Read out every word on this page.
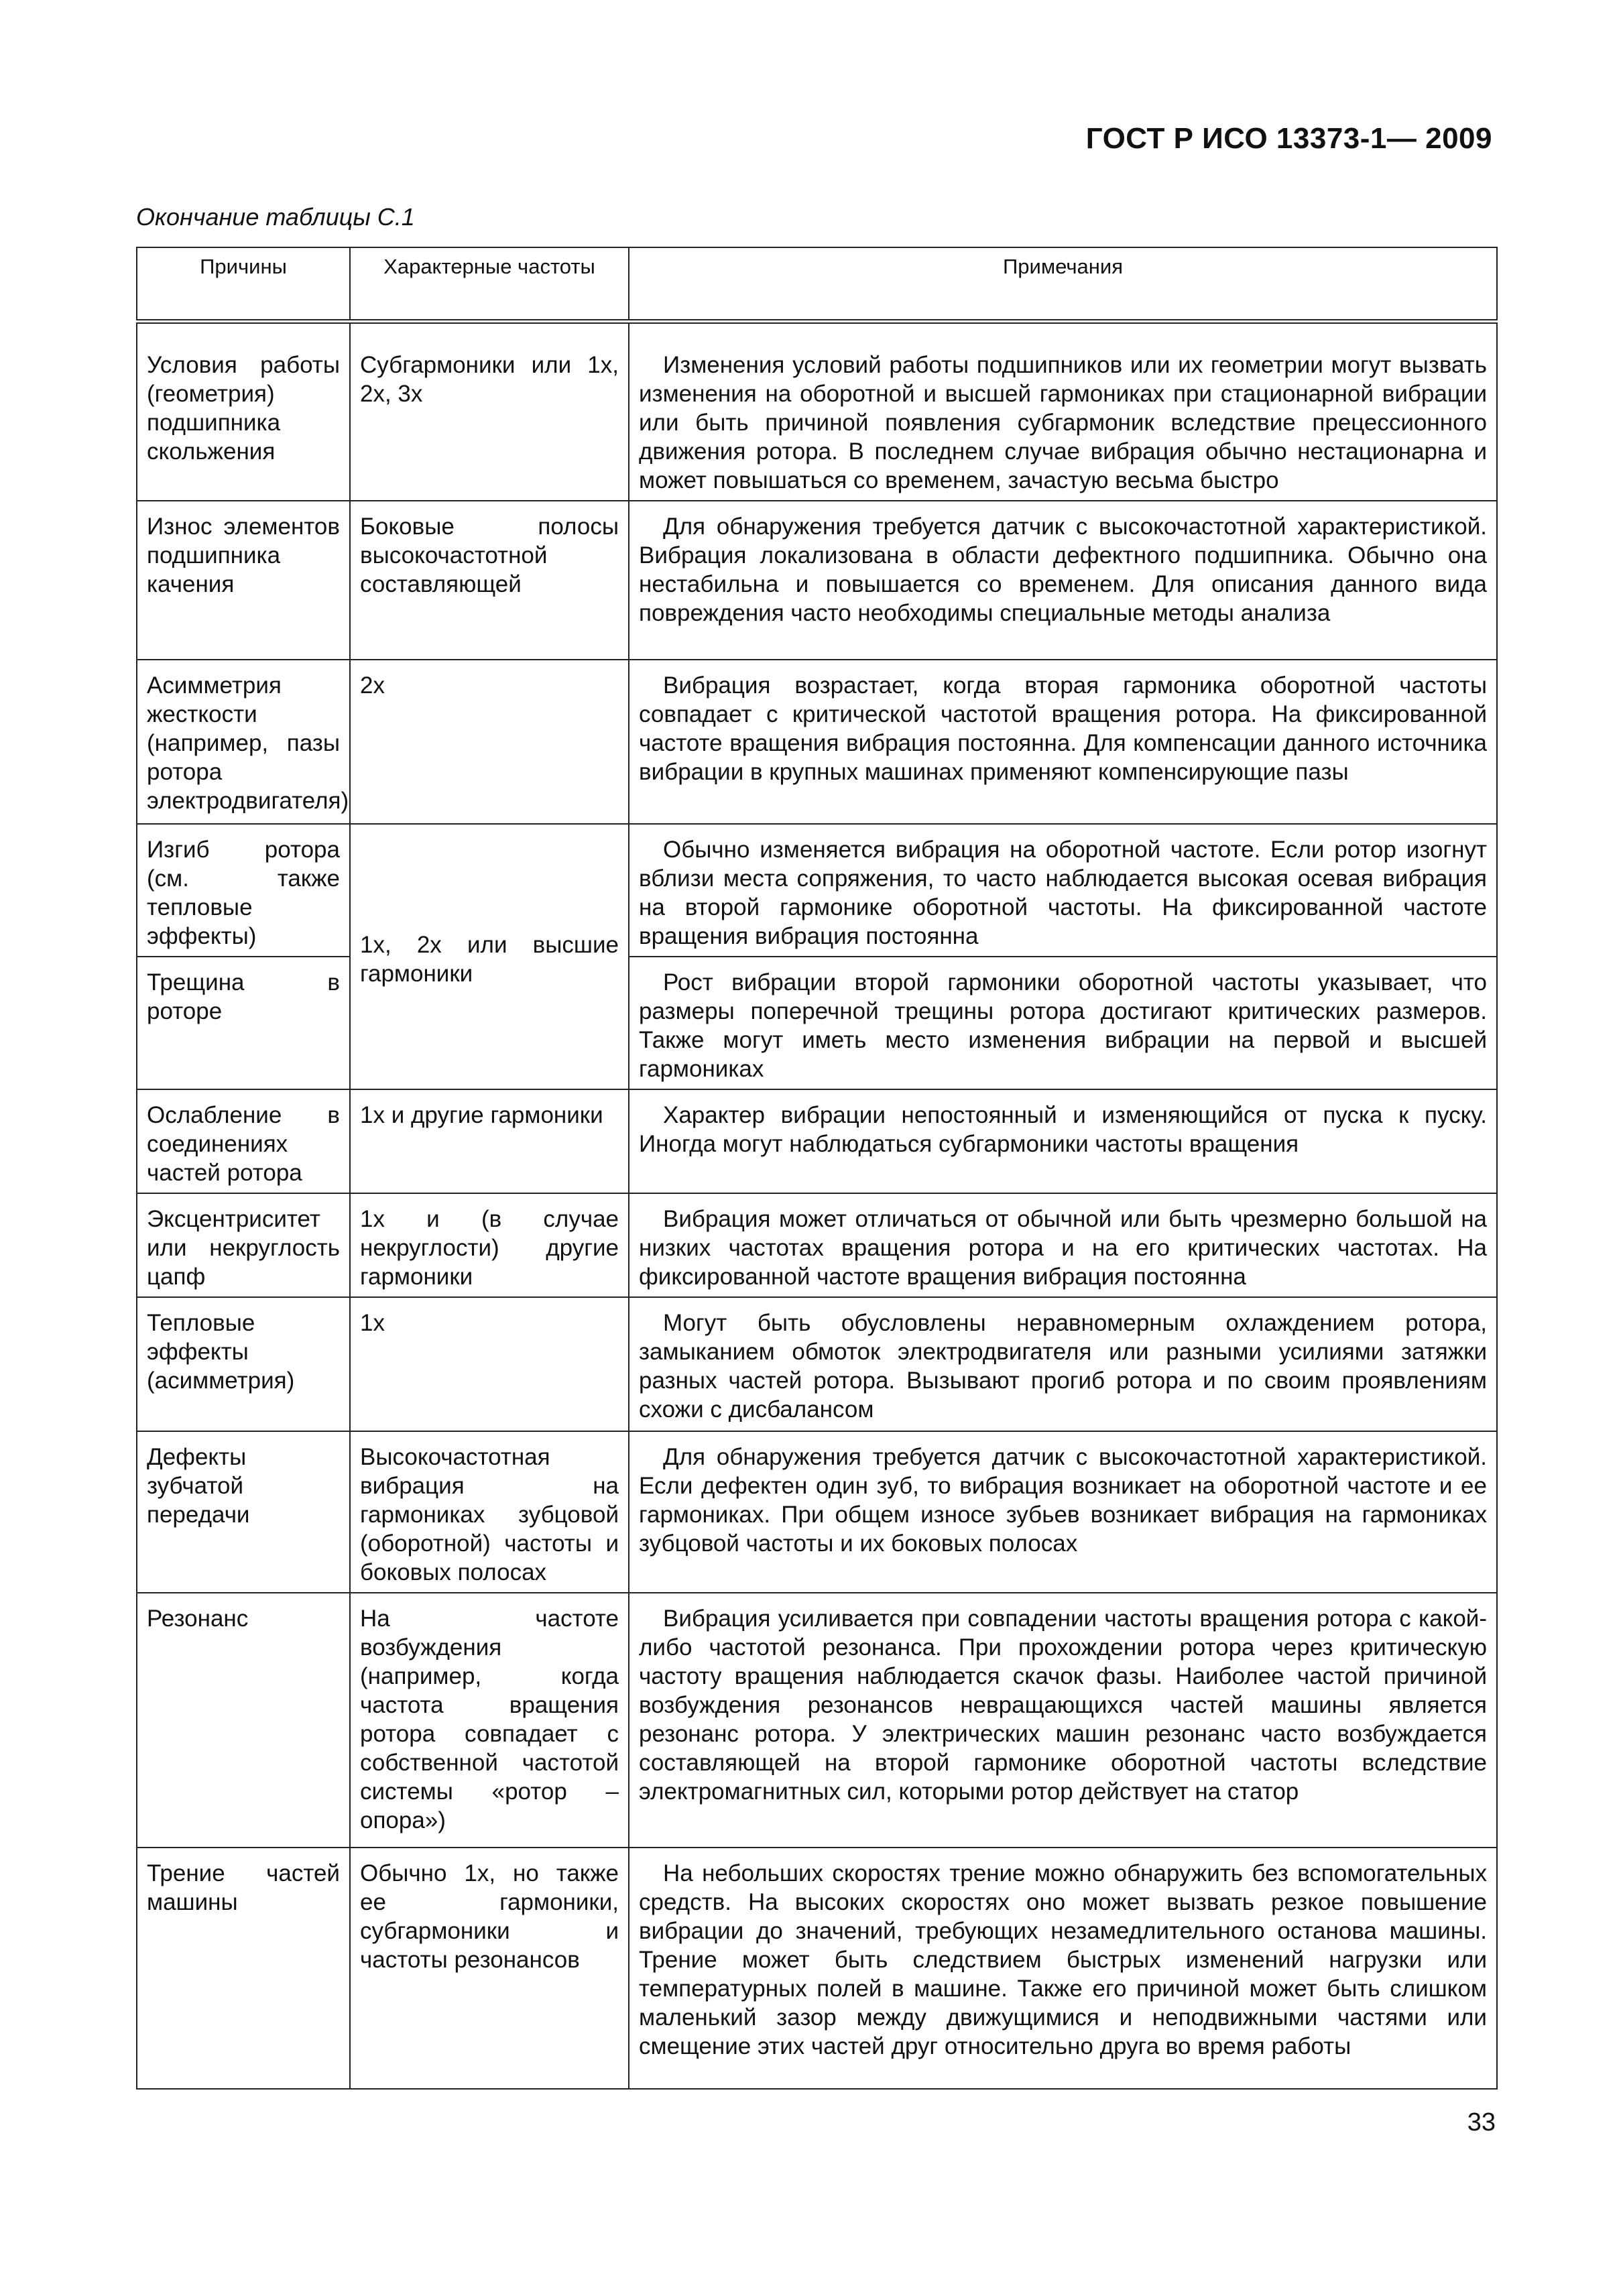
ГОСТ Р ИСО 13373-1— 2009
Окончание таблицы С.1
Причины	Характерные частоты	Примечания
Условия работы (геометрия) подшипника скольжения	Субгармоники или 1x, 2x, 3x	Изменения условий работы подшипников или их геометрии могут вызвать изменения на оборотной и высшей гармониках при стационарной вибрации или быть причиной появления субгармоник вследствие прецессионного движения ротора. В последнем случае вибрация обычно нестационарна и может повышаться со временем, зачастую весьма быстро
Износ элементов подшипника качения	Боковые полосы высокочастотной составляющей	Для обнаружения требуется датчик с высокочастотной характеристикой. Вибрация локализована в области дефектного подшипника. Обычно она нестабильна и повышается со временем. Для описания данного вида повреждения часто необходимы специальные методы анализа
Асимметрия жесткости (например, пазы ротора электродвигателя)	2x	Вибрация возрастает, когда вторая гармоника оборотной частоты совпадает с критической частотой вращения ротора. На фиксированной частоте вращения вибрация постоянна. Для компенсации данного источника вибрации в крупных машинах применяют компенсирующие пазы
Изгиб ротора (см. также тепловые эффекты)	1x, 2x или высшие гармоники	Обычно изменяется вибрация на оборотной частоте. Если ротор изогнут вблизи места сопряжения, то часто наблюдается высокая осевая вибрация на второй гармонике оборотной частоты. На фиксированной частоте вращения вибрация постоянна
Трещина в роторе		Рост вибрации второй гармоники оборотной частоты указывает, что размеры поперечной трещины ротора достигают критических размеров. Также могут иметь место изменения вибрации на первой и высшей гармониках
Ослабление в соединениях частей ротора	1x и другие гармоники	Характер вибрации непостоянный и изменяющийся от пуска к пуску. Иногда могут наблюдаться субгармоники частоты вращения
Эксцентриситет или некруглость цапф	1x и (в случае некруглости) другие гармоники	Вибрация может отличаться от обычной или быть чрезмерно большой на низких частотах вращения ротора и на его критических частотах. На фиксированной частоте вращения вибрация постоянна
Тепловые эффекты (асимметрия)	1x	Могут быть обусловлены неравномерным охлаждением ротора, замыканием обмоток электродвигателя или разными усилиями затяжки разных частей ротора. Вызывают прогиб ротора и по своим проявлениям схожи с дисбалансом
Дефекты зубчатой передачи	Высокочастотная вибрация на гармониках зубцовой (оборотной) частоты и боковых полосах	Для обнаружения требуется датчик с высокочастотной характеристикой. Если дефектен один зуб, то вибрация возникает на оборотной частоте и ее гармониках. При общем износе зубьев возникает вибрация на гармониках зубцовой частоты и их боковых полосах
Резонанс	На частоте возбуждения (например, когда частота вращения ротора совпадает с собственной частотой системы «ротор –опора»)	Вибрация усиливается при совпадении частоты вращения ротора с какой-либо частотой резонанса. При прохождении ротора через критическую частоту вращения наблюдается скачок фазы. Наиболее частой причиной возбуждения резонансов невращающихся частей машины является резонанс ротора. У электрических машин резонанс часто возбуждается составляющей на второй гармонике оборотной частоты вследствие электромагнитных сил, которыми ротор действует на статор
Трение частей машины	Обычно 1x, но также ее гармоники, субгармоники и частоты резонансов	На небольших скоростях трение можно обнаружить без вспомогательных средств. На высоких скоростях оно может вызвать резкое повышение вибрации до значений, требующих незамедлительного останова машины. Трение может быть следствием быстрых изменений нагрузки или температурных полей в машине. Также его причиной может быть слишком маленький зазор между движущимися и неподвижными частями или смещение этих частей друг относительно друга во время работы
33
